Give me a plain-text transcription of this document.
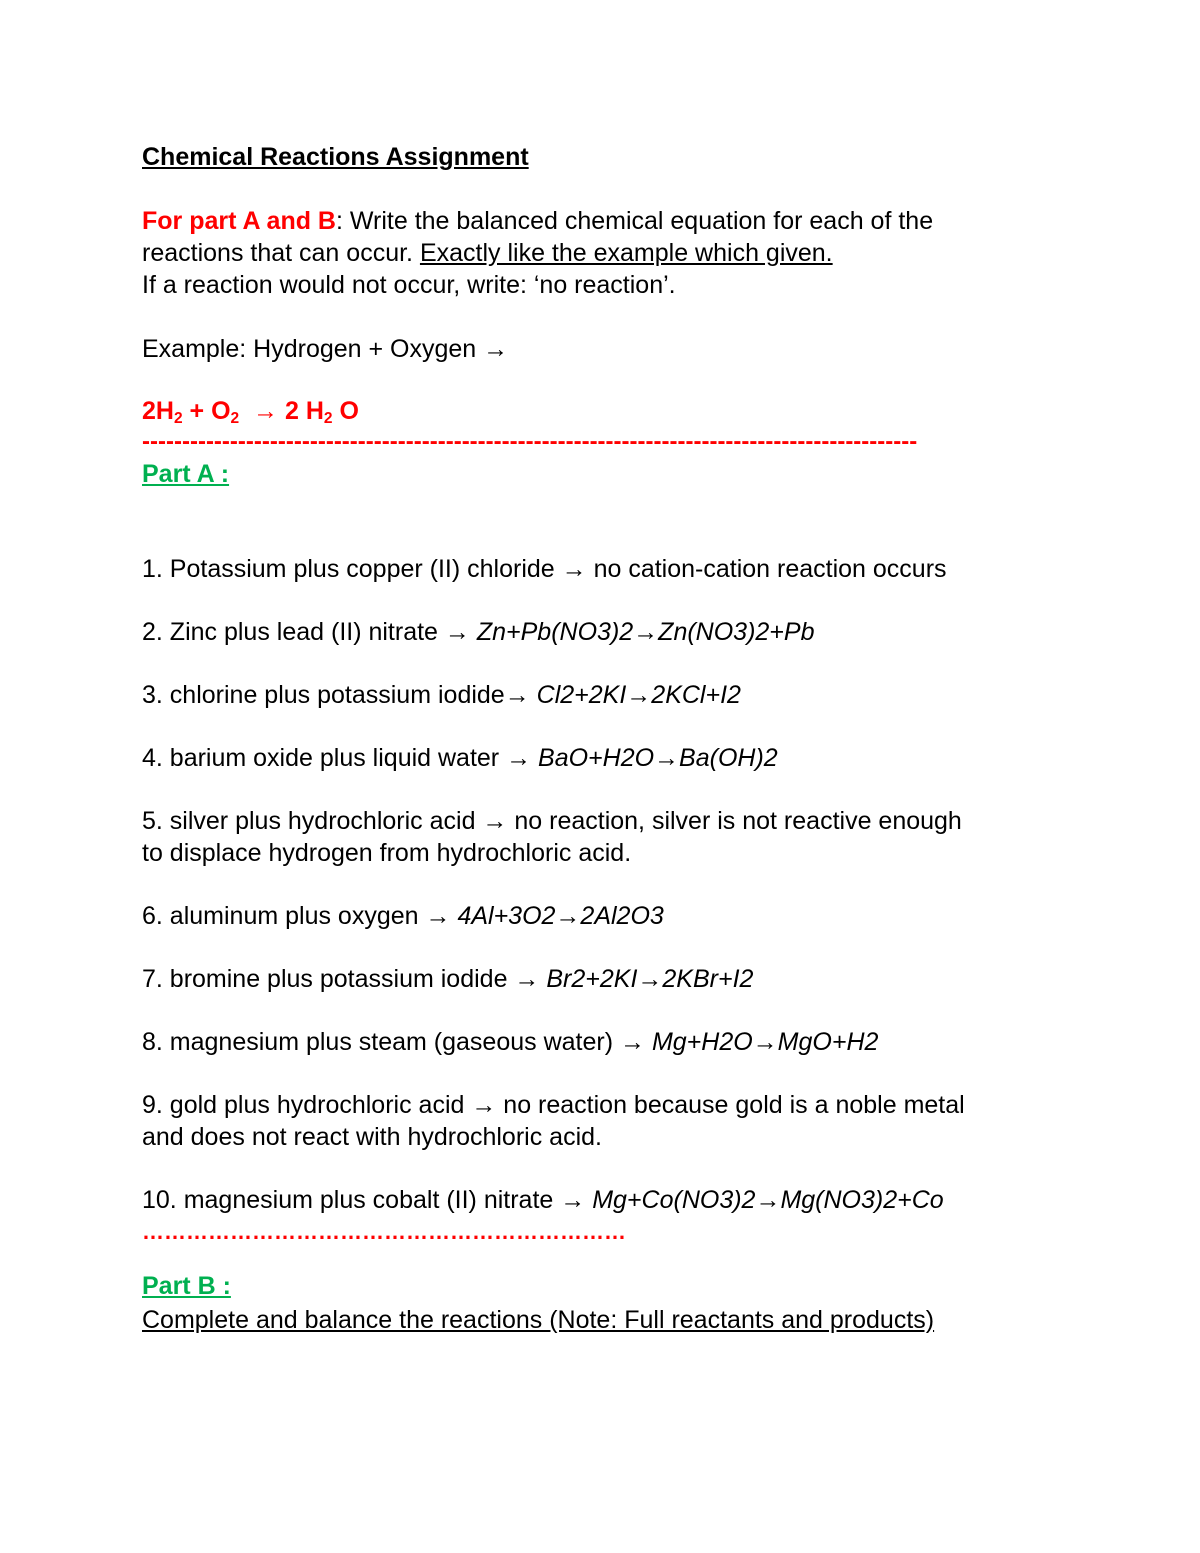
Chemical Reactions Assignment
For part A and B: Write the balanced chemical equation for each of the
reactions that can occur. Exactly like the example which given.
If a reaction would not occur, write: ‘no reaction’.
Example: Hydrogen + Oxygen →
$2H_2 + O_2 \to 2$ $H_2$ O
-------------------------------------------------------------------------------------------------
Part A :
1. Potassium plus copper (II) chloride → no cation-cation reaction occurs
2. Zinc plus lead (II) nitrate → Zn+Pb(NO3)2→Zn(NO3)2+Pb
3. chlorine plus potassium iodide→ Cl2+2KI→2KCl+I2
4. barium oxide plus liquid water → BaO+H2O→Ba(OH)2
5. silver plus hydrochloric acid → no reaction, silver is not reactive enough
to displace hydrogen from hydrochloric acid.
6. aluminum plus oxygen → 4Al+3O2→2Al2O3
7. bromine plus potassium iodide → Br2+2KI→2KBr+I2
8. magnesium plus steam (gaseous water) → Mg+H2O→MgO+H2
9. gold plus hydrochloric acid → no reaction because gold is a noble metal
and does not react with hydrochloric acid.
10. magnesium plus cobalt (II) nitrate → Mg+Co(NO3)2→Mg(NO3)2+Co
…………………………………………………………
Part B :
Complete and balance the reactions (Note: Full reactants and products)
